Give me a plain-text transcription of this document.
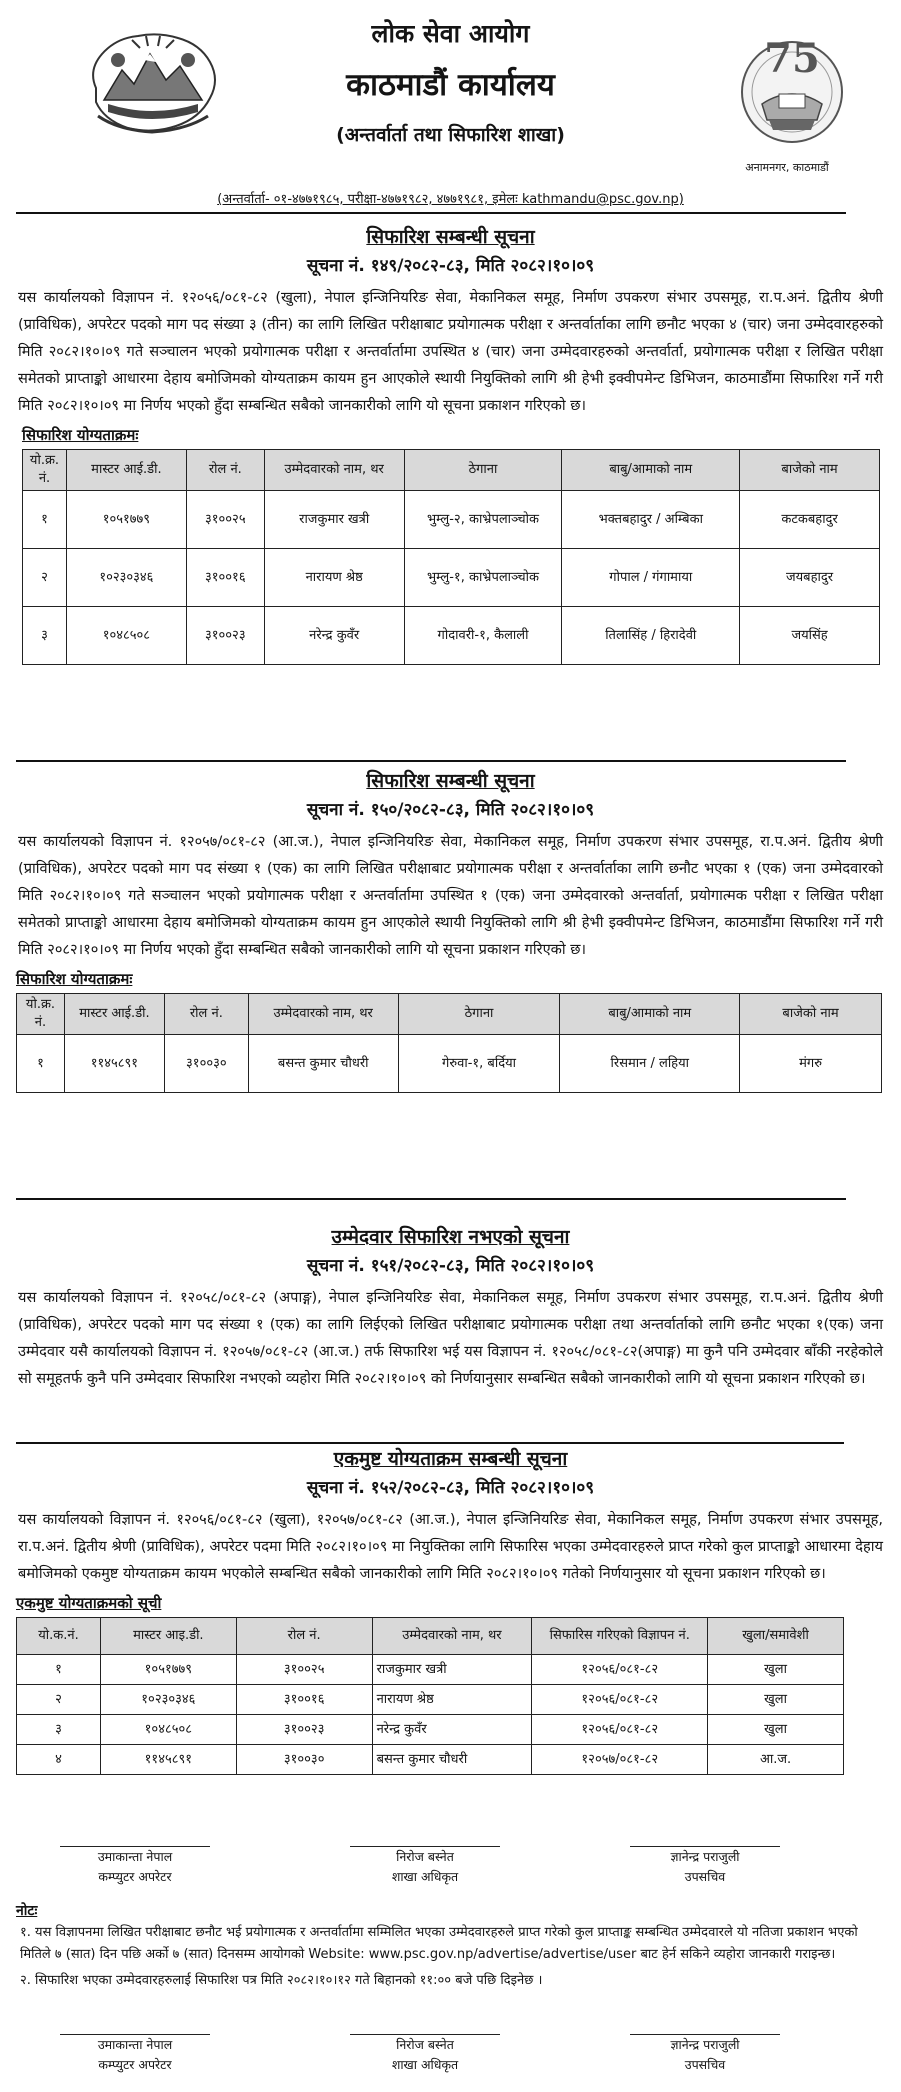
लोक सेवा आयोग
काठमाडौं कार्यालय
(अन्तर्वार्ता तथा सिफारिश शाखा)
75
अनामनगर, काठमाडौं
(अन्तर्वार्ता- ०१-४७७१९८५, परीक्षा-४७७१९८२, ४७७१९८१, इमेलः kathmandu@psc.gov.np)
सिफारिश सम्बन्धी सूचना
सूचना नं. १४९/२०८२-८३, मिति २०८२।१०।०९

यस कार्यालयको विज्ञापन नं. १२०५६/०८१-८२ (खुला), नेपाल इन्जिनियरिङ सेवा, मेकानिकल समूह, निर्माण उपकरण संभार उपसमूह, रा.प.अनं. द्वितीय श्रेणी (प्राविधिक), अपरेटर पदको माग पद संख्या ३ (तीन) का लागि लिखित परीक्षाबाट प्रयोगात्मक परीक्षा र अन्तर्वार्ताका लागि छनौट भएका ४ (चार) जना उम्मेदवारहरुको मिति २०८२।१०।०९ गते सञ्चालन भएको प्रयोगात्मक परीक्षा र अन्तर्वार्तामा उपस्थित ४ (चार) जना उम्मेदवारहरुको अन्तर्वार्ता, प्रयोगात्मक परीक्षा र लिखित परीक्षा समेतको प्राप्ताङ्को आधारमा देहाय बमोजिमको योग्यताक्रम कायम हुन आएकोले स्थायी नियुक्तिको लागि श्री हेभी इक्वीपमेन्ट डिभिजन, काठमाडौंमा सिफारिश गर्ने गरी मिति २०८२।१०।०९ मा निर्णय भएको हुँदा सम्बन्धित सबैको जानकारीको लागि यो सूचना प्रकाशन गरिएको छ।

सिफारिश योग्यताक्रमः
यो.क्र. नं.	मास्टर आई.डी.	रोल नं.	उम्मेदवारको नाम, थर	ठेगाना	बाबु/आमाको नाम	बाजेको नाम
१	१०५१७७९	३१००२५	राजकुमार खत्री	भुम्लु-२, काभ्रेपलाञ्चोक	भक्तबहादुर / अम्बिका	कटकबहादुर
२	१०२३०३४६	३१००१६	नारायण श्रेष्ठ	भुम्लु-१, काभ्रेपलाञ्चोक	गोपाल / गंगामाया	जयबहादुर
३	१०४८५०८	३१००२३	नरेन्द्र कुवँर	गोदावरी-१, कैलाली	तिलासिंह / हिरादेवी	जयसिंह
सिफारिश सम्बन्धी सूचना
सूचना नं. १५०/२०८२-८३, मिति २०८२।१०।०९

यस कार्यालयको विज्ञापन नं. १२०५७/०८१-८२ (आ.ज.), नेपाल इन्जिनियरिङ सेवा, मेकानिकल समूह, निर्माण उपकरण संभार उपसमूह, रा.प.अनं. द्वितीय श्रेणी (प्राविधिक), अपरेटर पदको माग पद संख्या १ (एक) का लागि लिखित परीक्षाबाट प्रयोगात्मक परीक्षा र अन्तर्वार्ताका लागि छनौट भएका १ (एक) जना उम्मेदवारको मिति २०८२।१०।०९ गते सञ्चालन भएको प्रयोगात्मक परीक्षा र अन्तर्वार्तामा उपस्थित १ (एक) जना उम्मेदवारको अन्तर्वार्ता, प्रयोगात्मक परीक्षा र लिखित परीक्षा समेतको प्राप्ताङ्को आधारमा देहाय बमोजिमको योग्यताक्रम कायम हुन आएकोले स्थायी नियुक्तिको लागि श्री हेभी इक्वीपमेन्ट डिभिजन, काठमाडौंमा सिफारिश गर्ने गरी मिति २०८२।१०।०९ मा निर्णय भएको हुँदा सम्बन्धित सबैको जानकारीको लागि यो सूचना प्रकाशन गरिएको छ।

सिफारिश योग्यताक्रमः
यो.क्र. नं.	मास्टर आई.डी.	रोल नं.	उम्मेदवारको नाम, थर	ठेगाना	बाबु/आमाको नाम	बाजेको नाम
१	११४५८९१	३१००३०	बसन्त कुमार चौधरी	गेरुवा-१, बर्दिया	रिसमान / लहिया	मंगरु
उम्मेदवार सिफारिश नभएको सूचना
सूचना नं. १५१/२०८२-८३, मिति २०८२।१०।०९

यस कार्यालयको विज्ञापन नं. १२०५८/०८१-८२ (अपाङ्ग), नेपाल इन्जिनियरिङ सेवा, मेकानिकल समूह, निर्माण उपकरण संभार उपसमूह, रा.प.अनं. द्वितीय श्रेणी (प्राविधिक), अपरेटर पदको माग पद संख्या १ (एक) का लागि लिईएको लिखित परीक्षाबाट प्रयोगात्मक परीक्षा तथा अन्तर्वार्ताको लागि छनौट भएका १(एक) जना उम्मेदवार यसै कार्यालयको विज्ञापन नं. १२०५७/०८१-८२ (आ.ज.) तर्फ सिफारिश भई यस विज्ञापन नं. १२०५८/०८१-८२(अपाङ्ग) मा कुनै पनि उम्मेदवार बाँकी नरहेकोले सो समूहतर्फ कुनै पनि उम्मेदवार सिफारिश नभएको व्यहोरा मिति २०८२।१०।०९ को निर्णयानुसार सम्बन्धित सबैको जानकारीको लागि यो सूचना प्रकाशन गरिएको छ।

एकमुष्ट योग्यताक्रम सम्बन्धी सूचना
सूचना नं. १५२/२०८२-८३, मिति २०८२।१०।०९

यस कार्यालयको विज्ञापन नं. १२०५६/०८१-८२ (खुला), १२०५७/०८१-८२ (आ.ज.), नेपाल इन्जिनियरिङ सेवा, मेकानिकल समूह, निर्माण उपकरण संभार उपसमूह, रा.प.अनं. द्वितीय श्रेणी (प्राविधिक), अपरेटर पदमा मिति २०८२।१०।०९ मा नियुक्तिका लागि सिफारिस भएका उम्मेदवारहरुले प्राप्त गरेको कुल प्राप्ताङ्को आधारमा देहाय बमोजिमको एकमुष्ट योग्यताक्रम कायम भएकोले सम्बन्धित सबैको जानकारीको लागि मिति २०८२।१०।०९ गतेको निर्णयानुसार यो सूचना प्रकाशन गरिएको छ।

एकमुष्ट योग्यताक्रमको सूची
यो.क.नं.	मास्टर आइ.डी.	रोल नं.	उम्मेदवारको नाम, थर	सिफारिस गरिएको विज्ञापन नं.	खुला/समावेशी
१	१०५१७७९	३१००२५	राजकुमार खत्री	१२०५६/०८१-८२	खुला
२	१०२३०३४६	३१००१६	नारायण श्रेष्ठ	१२०५६/०८१-८२	खुला
३	१०४८५०८	३१००२३	नरेन्द्र कुवँर	१२०५६/०८१-८२	खुला
४	११४५८९१	३१००३०	बसन्त कुमार चौधरी	१२०५७/०८१-८२	आ.ज.
उमाकान्ता नेपाल
कम्प्युटर अपरेटर
निरोज बस्नेत
शाखा अधिकृत
ज्ञानेन्द्र पराजुली
उपसचिव
नोटः
१. यस विज्ञापनमा लिखित परीक्षाबाट छनौट भई प्रयोगात्मक र अन्तर्वार्तामा सम्मिलित भएका उम्मेदवारहरुले प्राप्त गरेको कुल प्राप्ताङ्क सम्बन्धित उम्मेदवारले यो नतिजा प्रकाशन भएको मितिले ७ (सात) दिन पछि अर्को ७ (सात) दिनसम्म आयोगको Website: www.psc.gov.np/advertise/advertise/user बाट हेर्न सकिने व्यहोरा जानकारी गराइन्छ।
२. सिफारिश भएका उम्मेदवारहरुलाई सिफारिश पत्र मिति २०८२।१०।१२ गते बिहानको ११:०० बजे पछि दिइनेछ ।
उमाकान्ता नेपाल
कम्प्युटर अपरेटर
निरोज बस्नेत
शाखा अधिकृत
ज्ञानेन्द्र पराजुली
उपसचिव
